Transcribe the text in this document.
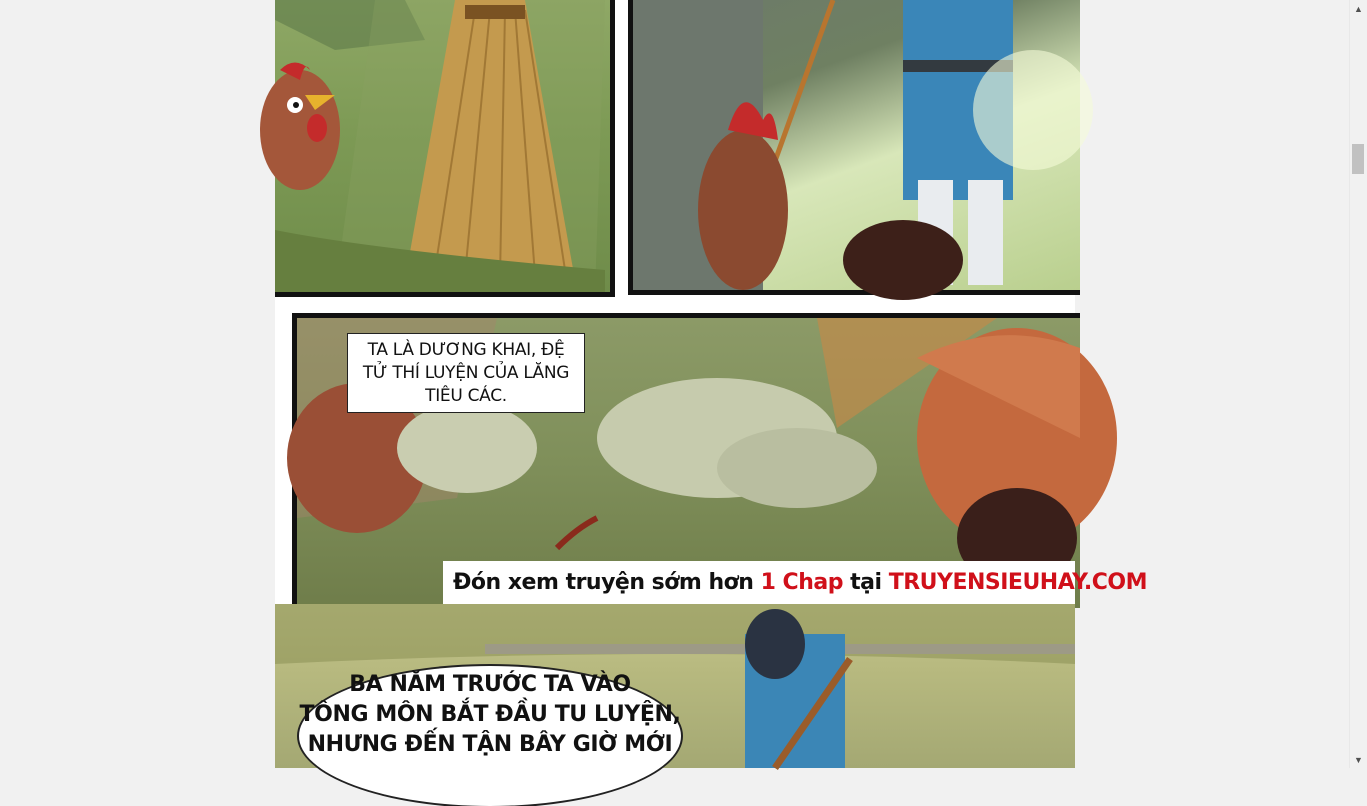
TA LÀ DƯƠNG KHAI, ĐỆ TỬ THÍ LUYỆN CỦA LĂNG TIÊU CÁC.
Đón xem truyện sớm hơn
1 Chap
tại
TRUYENSIEUHAY.COM
BA NĂM TRƯỚC TA VÀO
TÔNG MÔN BẮT ĐẦU TU LUYỆN,
NHƯNG ĐẾN TẬN BÂY GIỜ MỚI
▲
▼
